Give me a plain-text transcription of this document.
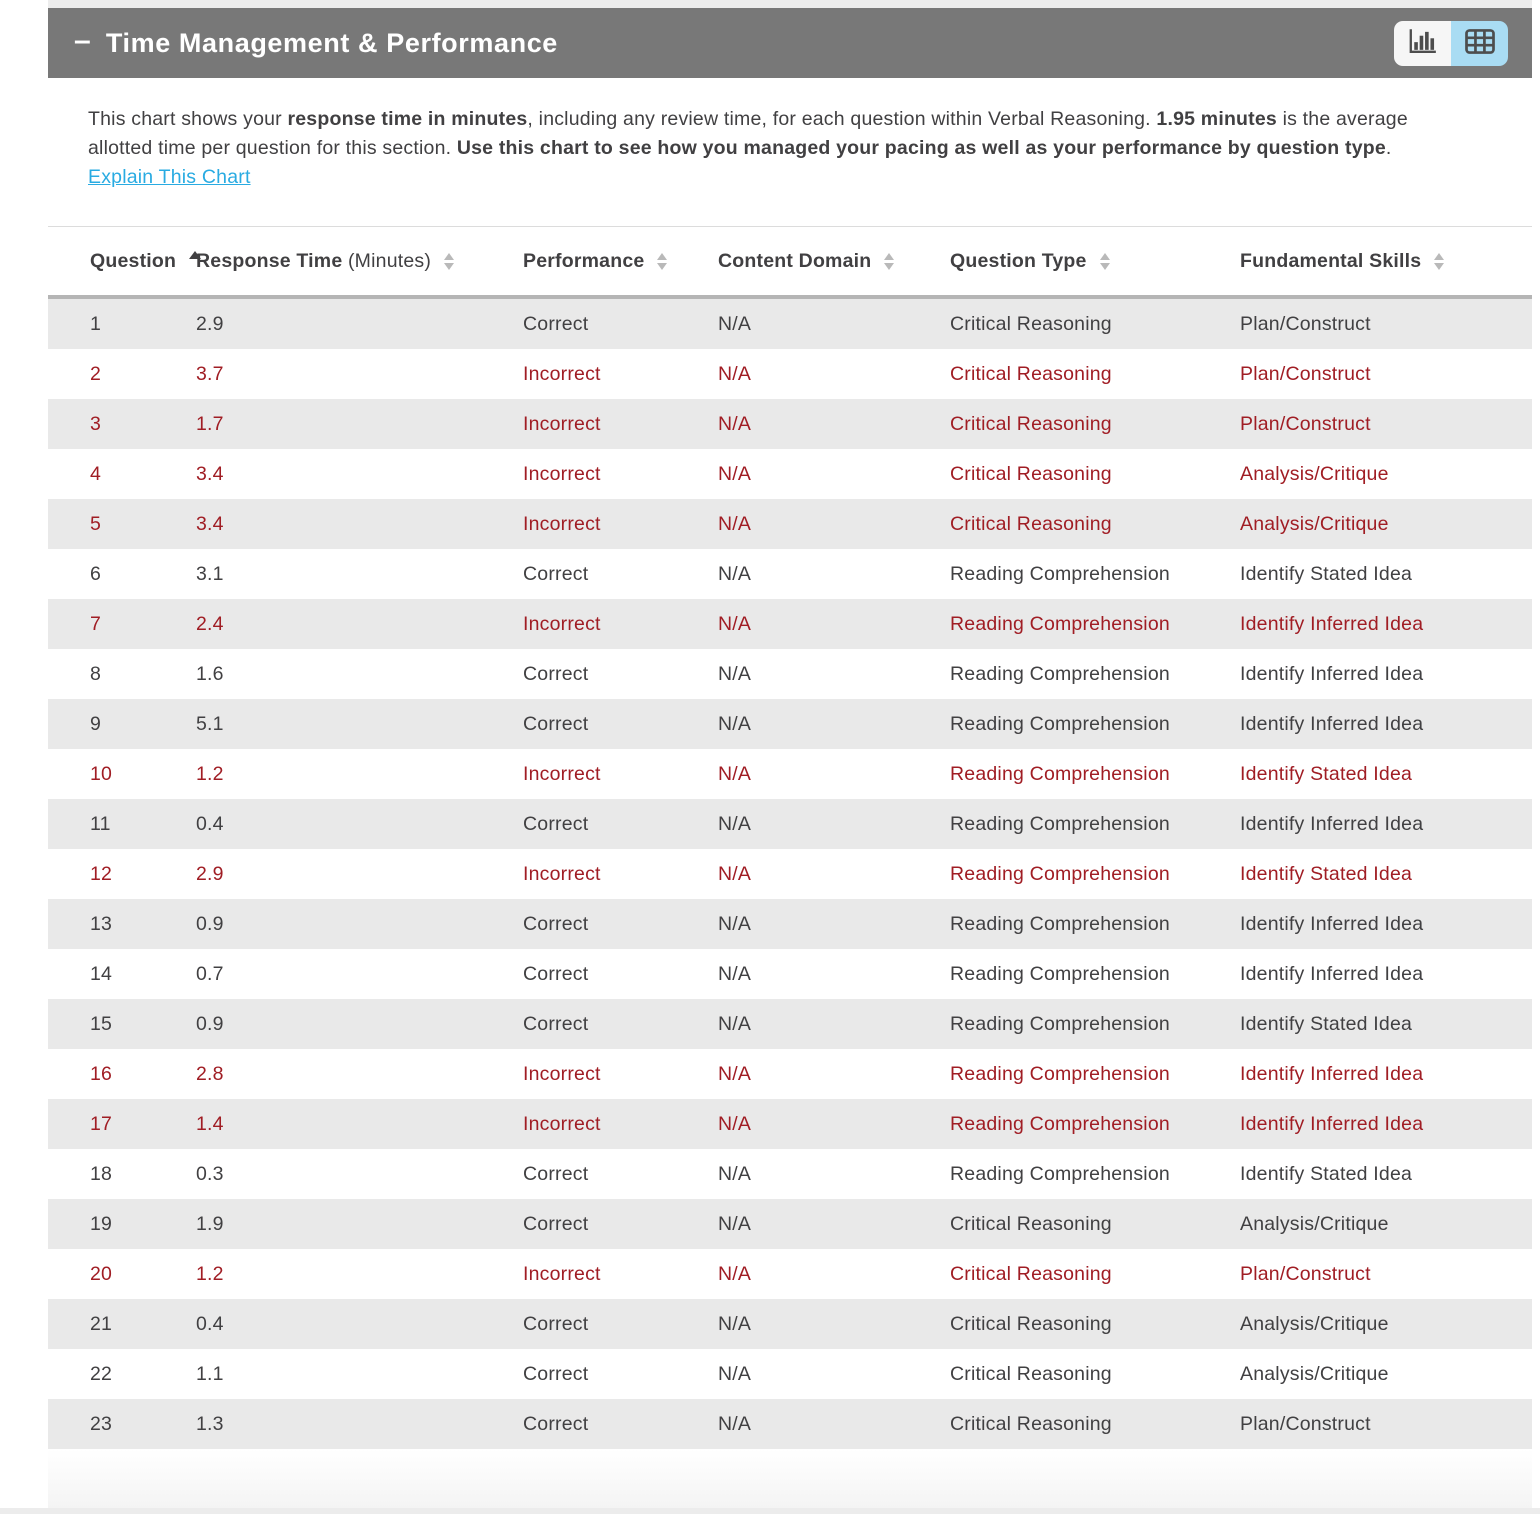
– Time Management & Performance
This chart shows your response time in minutes, including any review time, for each question within Verbal Reasoning. 1.95 minutes is the average allotted time per question for this section. Use this chart to see how you managed your pacing as well as your performance by question type. Explain This Chart
Question	Response Time (Minutes)	Performance	Content Domain	Question Type	Fundamental Skills

1	2.9	Correct	N/A	Critical Reasoning	Plan/Construct
2	3.7	Incorrect	N/A	Critical Reasoning	Plan/Construct
3	1.7	Incorrect	N/A	Critical Reasoning	Plan/Construct
4	3.4	Incorrect	N/A	Critical Reasoning	Analysis/Critique
5	3.4	Incorrect	N/A	Critical Reasoning	Analysis/Critique
6	3.1	Correct	N/A	Reading Comprehension	Identify Stated Idea
7	2.4	Incorrect	N/A	Reading Comprehension	Identify Inferred Idea
8	1.6	Correct	N/A	Reading Comprehension	Identify Inferred Idea
9	5.1	Correct	N/A	Reading Comprehension	Identify Inferred Idea
10	1.2	Incorrect	N/A	Reading Comprehension	Identify Stated Idea
11	0.4	Correct	N/A	Reading Comprehension	Identify Inferred Idea
12	2.9	Incorrect	N/A	Reading Comprehension	Identify Stated Idea
13	0.9	Correct	N/A	Reading Comprehension	Identify Inferred Idea
14	0.7	Correct	N/A	Reading Comprehension	Identify Inferred Idea
15	0.9	Correct	N/A	Reading Comprehension	Identify Stated Idea
16	2.8	Incorrect	N/A	Reading Comprehension	Identify Inferred Idea
17	1.4	Incorrect	N/A	Reading Comprehension	Identify Inferred Idea
18	0.3	Correct	N/A	Reading Comprehension	Identify Stated Idea
19	1.9	Correct	N/A	Critical Reasoning	Analysis/Critique
20	1.2	Incorrect	N/A	Critical Reasoning	Plan/Construct
21	0.4	Correct	N/A	Critical Reasoning	Analysis/Critique
22	1.1	Correct	N/A	Critical Reasoning	Analysis/Critique
23	1.3	Correct	N/A	Critical Reasoning	Plan/Construct
